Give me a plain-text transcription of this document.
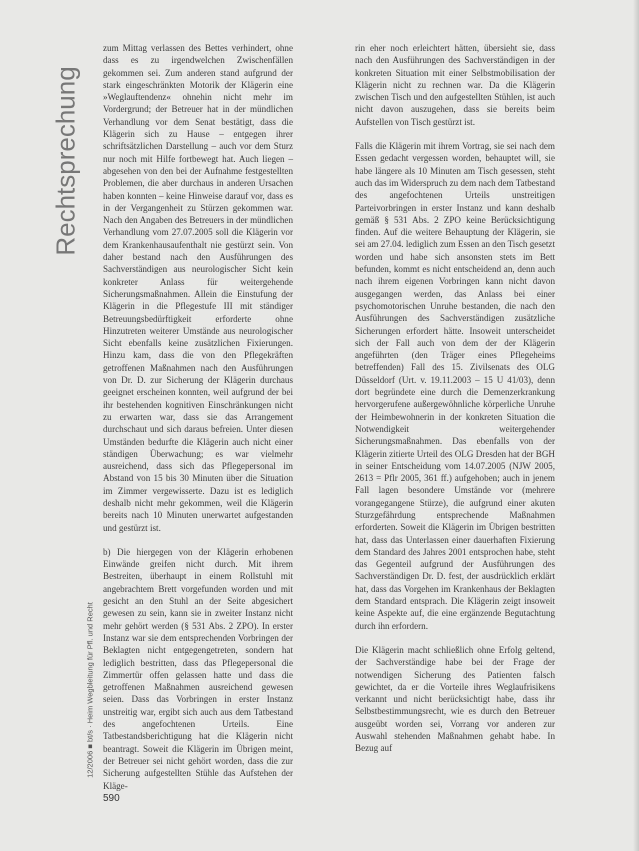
Rechtsprechung
12/2006 ■ bt/s · Heim Wegbleitung für Pfl. und Recht

zum Mittag verlassen des Bettes verhindert, ohne dass es zu irgendwelchen Zwischenfällen gekommen sei. Zum anderen stand aufgrund der stark eingeschränkten Motorik der Klägerin eine »Weglauftendenz« ohnehin nicht mehr im Vordergrund; der Betreuer hat in der mündlichen Verhandlung vor dem Senat bestätigt, dass die Klägerin sich zu Hause – entgegen ihrer schriftsätzlichen Darstellung – auch vor dem Sturz nur noch mit Hilfe fortbewegt hat. Auch liegen – abgesehen von den bei der Aufnahme festgestellten Problemen, die aber durchaus in anderen Ursachen haben konnten – keine Hinweise darauf vor, dass es in der Vergangenheit zu Stürzen gekommen war. Nach den Angaben des Betreuers in der mündlichen Verhandlung vom 27.07.2005 soll die Klägerin vor dem Krankenhausaufenthalt nie gestürzt sein. Von daher bestand nach den Ausführungen des Sachverständigen aus neurologischer Sicht kein konkreter Anlass für weitergehende Sicherungsmaßnahmen. Allein die Einstufung der Klägerin in die Pflegestufe III mit ständiger Betreuungsbedürftigkeit erforderte ohne Hinzutreten weiterer Umstände aus neurologischer Sicht ebenfalls keine zusätzlichen Fixierungen. Hinzu kam, dass die von den Pflegekräften getroffenen Maßnahmen nach den Ausführungen von Dr. D. zur Sicherung der Klägerin durchaus geeignet erscheinen konnten, weil aufgrund der bei ihr bestehenden kognitiven Einschränkungen nicht zu erwarten war, dass sie das Arrangement durchschaut und sich daraus befreien. Unter diesen Umständen bedurfte die Klägerin auch nicht einer ständigen Überwachung; es war vielmehr ausreichend, dass sich das Pflegepersonal im Abstand von 15 bis 30 Minuten über die Situation im Zimmer vergewisserte. Dazu ist es lediglich deshalb nicht mehr gekommen, weil die Klägerin bereits nach 10 Minuten unerwartet aufgestanden und gestürzt ist.

b) Die hiergegen von der Klägerin erhobenen Einwände greifen nicht durch. Mit ihrem Bestreiten, überhaupt in einem Rollstuhl mit angebrachtem Brett vorgefunden worden und mit gesicht an den Stuhl an der Seite abgesichert gewesen zu sein, kann sie in zweiter Instanz nicht mehr gehört werden (§ 531 Abs. 2 ZPO). In erster Instanz war sie dem entsprechenden Vorbringen der Beklagten nicht entgegengetreten, sondern hat lediglich bestritten, dass das Pflegepersonal die Zimmertür offen gelassen hatte und dass die getroffenen Maßnahmen ausreichend gewesen seien. Dass das Vorbringen in erster Instanz unstreitig war, ergibt sich auch aus dem Tatbestand des angefochtenen Urteils. Eine Tatbestandsberichtigung hat die Klägerin nicht beantragt. Soweit die Klägerin im Übrigen meint, der Betreuer sei nicht gehört worden, dass die zur Sicherung aufgestellten Stühle das Aufstehen der Kläge-

rin eher noch erleichtert hätten, übersieht sie, dass nach den Ausführungen des Sachverständigen in der konkreten Situation mit einer Selbstmobilisation der Klägerin nicht zu rechnen war. Da die Klägerin zwischen Tisch und den aufgestellten Stühlen, ist auch nicht davon auszugehen, dass sie bereits beim Aufstellen von Tisch gestürzt ist.

Falls die Klägerin mit ihrem Vortrag, sie sei nach dem Essen gedacht vergessen worden, behauptet will, sie habe längere als 10 Minuten am Tisch gesessen, steht auch das im Widerspruch zu dem nach dem Tatbestand des angefochtenen Urteils unstreitigen Parteivorbringen in erster Instanz und kann deshalb gemäß § 531 Abs. 2 ZPO keine Berücksichtigung finden. Auf die weitere Behauptung der Klägerin, sie sei am 27.04. lediglich zum Essen an den Tisch gesetzt worden und habe sich ansonsten stets im Bett befunden, kommt es nicht entscheidend an, denn auch nach ihrem eigenen Vorbringen kann nicht davon ausgegangen werden, das Anlass bei einer psychomotorischen Unruhe bestanden, die nach den Ausführungen des Sachverständigen zusätzliche Sicherungen erfordert hätte. Insoweit unterscheidet sich der Fall auch von dem der der Klägerin angeführten (den Träger eines Pflegeheims betreffenden) Fall des 15. Zivilsenats des OLG Düsseldorf (Urt. v. 19.11.2003 – 15 U 41/03), denn dort begründete eine durch die Demenzerkrankung hervorgerufene außergewöhnliche körperliche Unruhe der Heimbewohnerin in der konkreten Situation die Notwendigkeit weitergehender Sicherungsmaßnahmen. Das ebenfalls von der Klägerin zitierte Urteil des OLG Dresden hat der BGH in seiner Entscheidung vom 14.07.2005 (NJW 2005, 2613 = Pflr 2005, 361 ff.) aufgehoben; auch in jenem Fall lagen besondere Umstände vor (mehrere vorangegangene Stürze), die aufgrund einer akuten Sturzgefährdung entsprechende Maßnahmen erforderten. Soweit die Klägerin im Übrigen bestritten hat, dass das Unterlassen einer dauerhaften Fixierung dem Standard des Jahres 2001 entsprochen habe, steht das Gegenteil aufgrund der Ausführungen des Sachverständigen Dr. D. fest, der ausdrücklich erklärt hat, dass das Vorgehen im Krankenhaus der Beklagten dem Standard entsprach. Die Klägerin zeigt insoweit keine Aspekte auf, die eine ergänzende Begutachtung durch ihn erfordern.

Die Klägerin macht schließlich ohne Erfolg geltend, der Sachverständige habe bei der Frage der notwendigen Sicherung des Patienten falsch gewichtet, da er die Vorteile ihres Weglaufrisikens verkannt und nicht berücksichtigt habe, dass ihr Selbstbestimmungsrecht, wie es durch den Betreuer ausgeübt worden sei, Vorrang vor anderen zur Auswahl stehenden Maßnahmen gehabt habe. In Bezug auf

590
